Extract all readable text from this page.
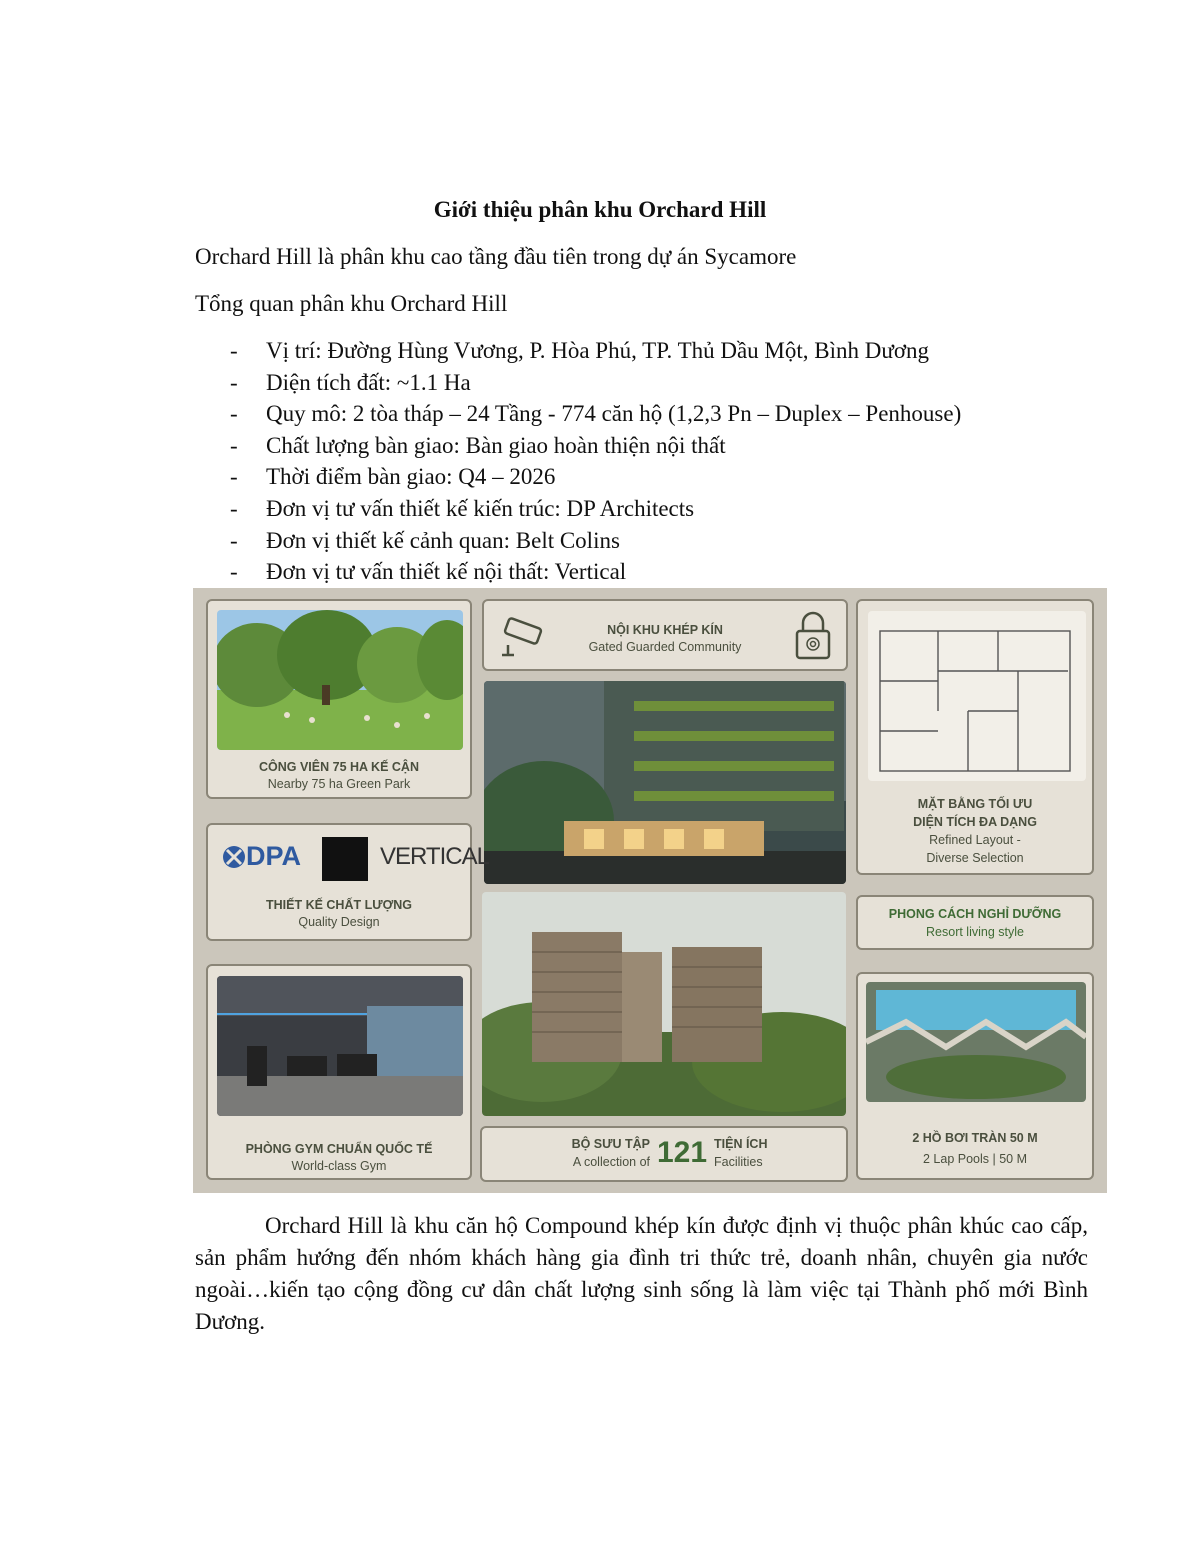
Giới thiệu phân khu Orchard Hill
Orchard Hill là phân khu cao tầng đầu tiên trong dự án Sycamore
Tổng quan phân khu Orchard Hill
- Vị trí: Đường Hùng Vương, P. Hòa Phú, TP. Thủ Dầu Một, Bình Dương
- Diện tích đất: ~1.1 Ha
- Quy mô: 2 tòa tháp – 24 Tầng - 774 căn hộ (1,2,3 Pn – Duplex – Penhouse)
- Chất lượng bàn giao: Bàn giao hoàn thiện nội thất
- Thời điểm bàn giao: Q4 – 2026
- Đơn vị tư vấn thiết kế kiến trúc: DP Architects
- Đơn vị thiết kế cảnh quan: Belt Colins
- Đơn vị tư vấn thiết kế nội thất: Vertical
CÔNG VIÊN 75 HA KẾ CẬN
Nearby 75 ha Green Park
NỘI KHU KHÉP KÍN
Gated Guarded Community
MẶT BẰNG TỐI ƯU
DIỆN TÍCH ĐA DẠNG
Refined Layout -
Diverse Selection
DPA	VERTICAL
THIẾT KẾ CHẤT LƯỢNG
Quality Design
PHONG CÁCH NGHỈ DƯỠNG
Resort living style
PHÒNG GYM CHUẨN QUỐC TẾ
World-class Gym
BỘ SƯU TẬP
A collection of 121 TIỆN ÍCH
Facilities
2 HỒ BƠI TRÀN 50 M
2 Lap Pools | 50 M

Orchard Hill là khu căn hộ Compound khép kín được định vị thuộc phân khúc cao cấp, sản phẩm hướng đến nhóm khách hàng gia đình tri thức trẻ, doanh nhân, chuyên gia nước ngoài…kiến tạo cộng đồng cư dân chất lượng sinh sống là làm việc tại Thành phố mới Bình Dương.
